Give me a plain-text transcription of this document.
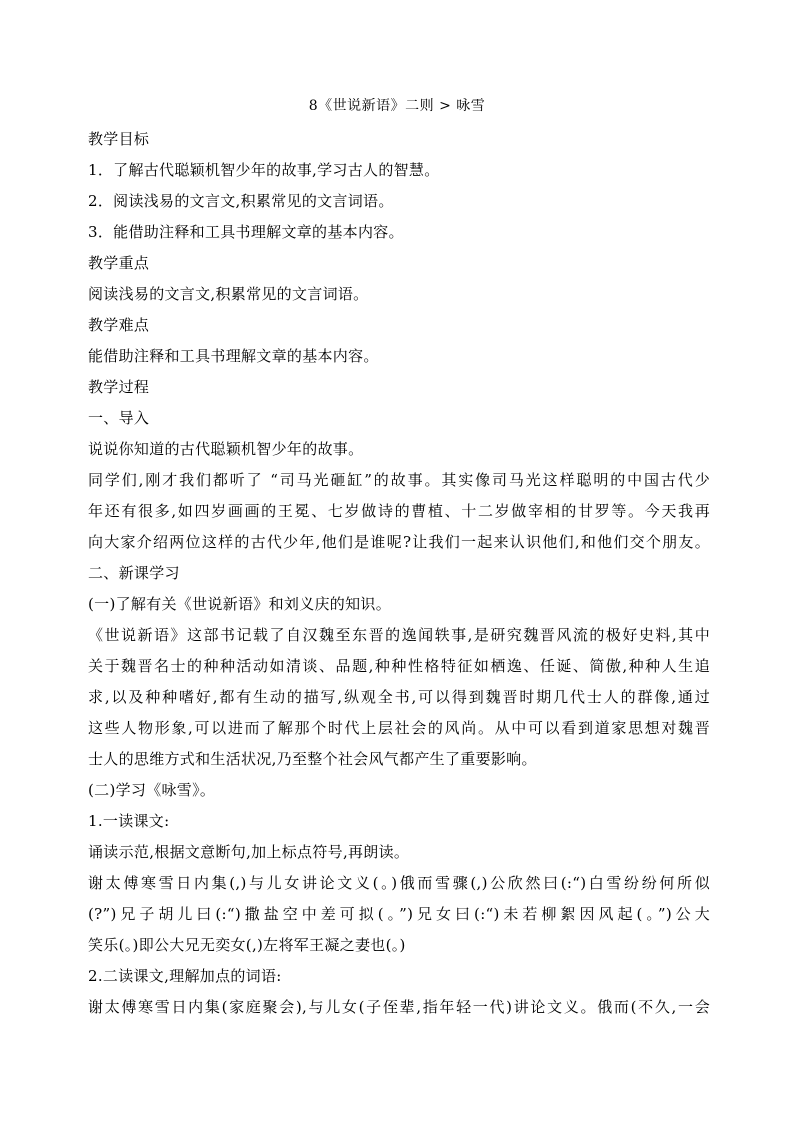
8《世说新语》二则 > 咏雪
教学目标
1．了解古代聪颖机智少年的故事,学习古人的智慧。
2．阅读浅易的文言文,积累常见的文言词语。
3．能借助注释和工具书理解文章的基本内容。
教学重点
阅读浅易的文言文,积累常见的文言词语。
教学难点
能借助注释和工具书理解文章的基本内容。
教学过程
一、导入
说说你知道的古代聪颖机智少年的故事。
同学们,刚才我们都听了 “司马光砸缸”的故事。其实像司马光这样聪明的中国古代少
年还有很多,如四岁画画的王冕、七岁做诗的曹植、十二岁做宰相的甘罗等。今天我再
向大家介绍两位这样的古代少年,他们是谁呢?让我们一起来认识他们,和他们交个朋友。
二、新课学习
(一)了解有关《世说新语》和刘义庆的知识。
《世说新语》这部书记载了自汉魏至东晋的逸闻轶事,是研究魏晋风流的极好史料,其中
关于魏晋名士的种种活动如清谈、品题,种种性格特征如栖逸、任诞、简傲,种种人生追
求,以及种种嗜好,都有生动的描写,纵观全书,可以得到魏晋时期几代士人的群像,通过
这些人物形象,可以进而了解那个时代上层社会的风尚。从中可以看到道家思想对魏晋
士人的思维方式和生活状况,乃至整个社会风气都产生了重要影响。
(二)学习《咏雪》。
1.一读课文:
诵读示范,根据文意断句,加上标点符号,再朗读。
谢太傅寒雪日内集(,)与儿女讲论文义(。)俄而雪骤(,)公欣然曰(:“)白雪纷纷何所似
(?”)兄子胡儿曰(:“)撒盐空中差可拟(。”)兄女曰(:“)未若柳絮因风起(。”)公大
笑乐(。)即公大兄无奕女(,)左将军王凝之妻也(。)
2.二读课文,理解加点的词语:
谢太傅寒雪日内集(家庭聚会),与儿女(子侄辈,指年轻一代)讲论文义。俄而(不久,一会
